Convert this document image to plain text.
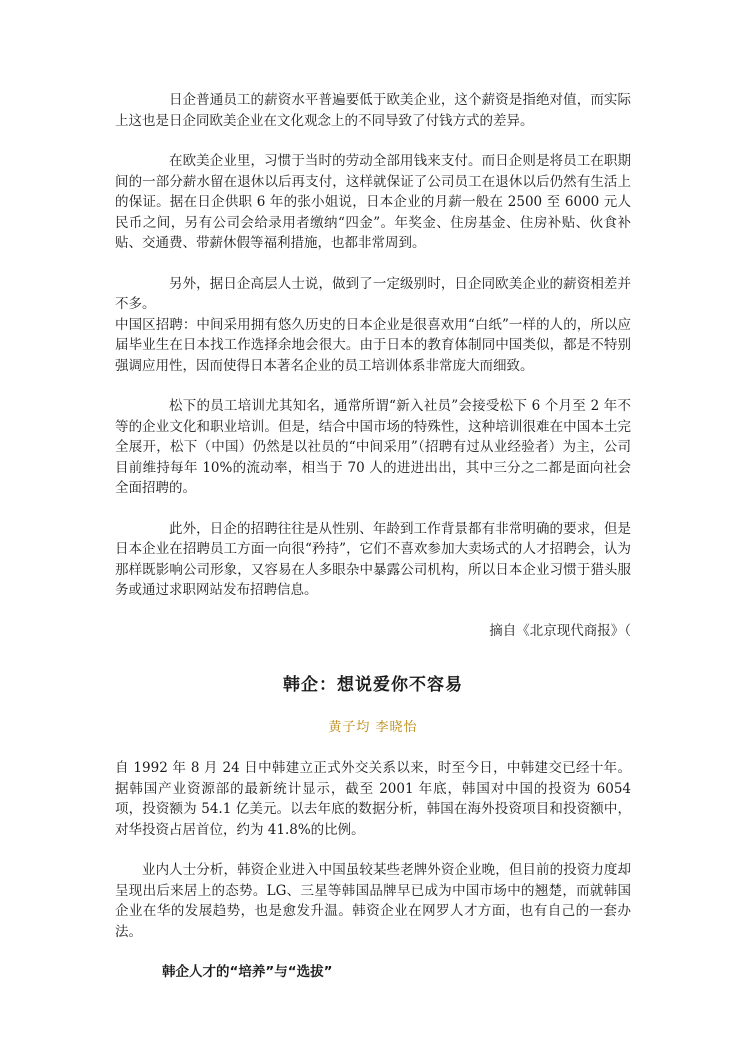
日企普通员工的薪资水平普遍要低于欧美企业，这个薪资是指绝对值，而实际上这也是日企同欧美企业在文化观念上的不同导致了付钱方式的差异。

在欧美企业里，习惯于当时的劳动全部用钱来支付。而日企则是将员工在职期间的一部分薪水留在退休以后再支付，这样就保证了公司员工在退休以后仍然有生活上的保证。据在日企供职 6 年的张小姐说，日本企业的月薪一般在 2500 至 6000 元人民币之间，另有公司会给录用者缴纳“四金”。年奖金、住房基金、住房补贴、伙食补贴、交通费、带薪休假等福利措施，也都非常周到。

另外，据日企高层人士说，做到了一定级别时，日企同欧美企业的薪资相差并不多。

中国区招聘：中间采用拥有悠久历史的日本企业是很喜欢用“白纸”一样的人的，所以应届毕业生在日本找工作选择余地会很大。由于日本的教育体制同中国类似，都是不特别强调应用性，因而使得日本著名企业的员工培训体系非常庞大而细致。

松下的员工培训尤其知名，通常所谓“新入社员”会接受松下 6 个月至 2 年不等的企业文化和职业培训。但是，结合中国市场的特殊性，这种培训很难在中国本土完全展开，松下（中国）仍然是以社员的“中间采用”（招聘有过从业经验者）为主，公司目前维持每年 10%的流动率，相当于 70 人的进进出出，其中三分之二都是面向社会全面招聘的。

此外，日企的招聘往往是从性别、年龄到工作背景都有非常明确的要求，但是日本企业在招聘员工方面一向很“矜持”，它们不喜欢参加大卖场式的人才招聘会，认为那样既影响公司形象，又容易在人多眼杂中暴露公司机构，所以日本企业习惯于猎头服务或通过求职网站发布招聘信息。

摘自《北京现代商报》（

韩企：想说爱你不容易
黄子均 李晓怡

自 1992 年 8 月 24 日中韩建立正式外交关系以来，时至今日，中韩建交已经十年。据韩国产业资源部的最新统计显示，截至 2001 年底，韩国对中国的投资为 6054 项，投资额为 54.1 亿美元。以去年底的数据分析，韩国在海外投资项目和投资额中，对华投资占居首位，约为 41.8%的比例。

业内人士分析，韩资企业进入中国虽较某些老牌外资企业晚，但目前的投资力度却呈现出后来居上的态势。LG、三星等韩国品牌早已成为中国市场中的翘楚，而就韩国企业在华的发展趋势，也是愈发升温。韩资企业在网罗人才方面，也有自己的一套办法。

韩企人才的“培养”与“选拔”
